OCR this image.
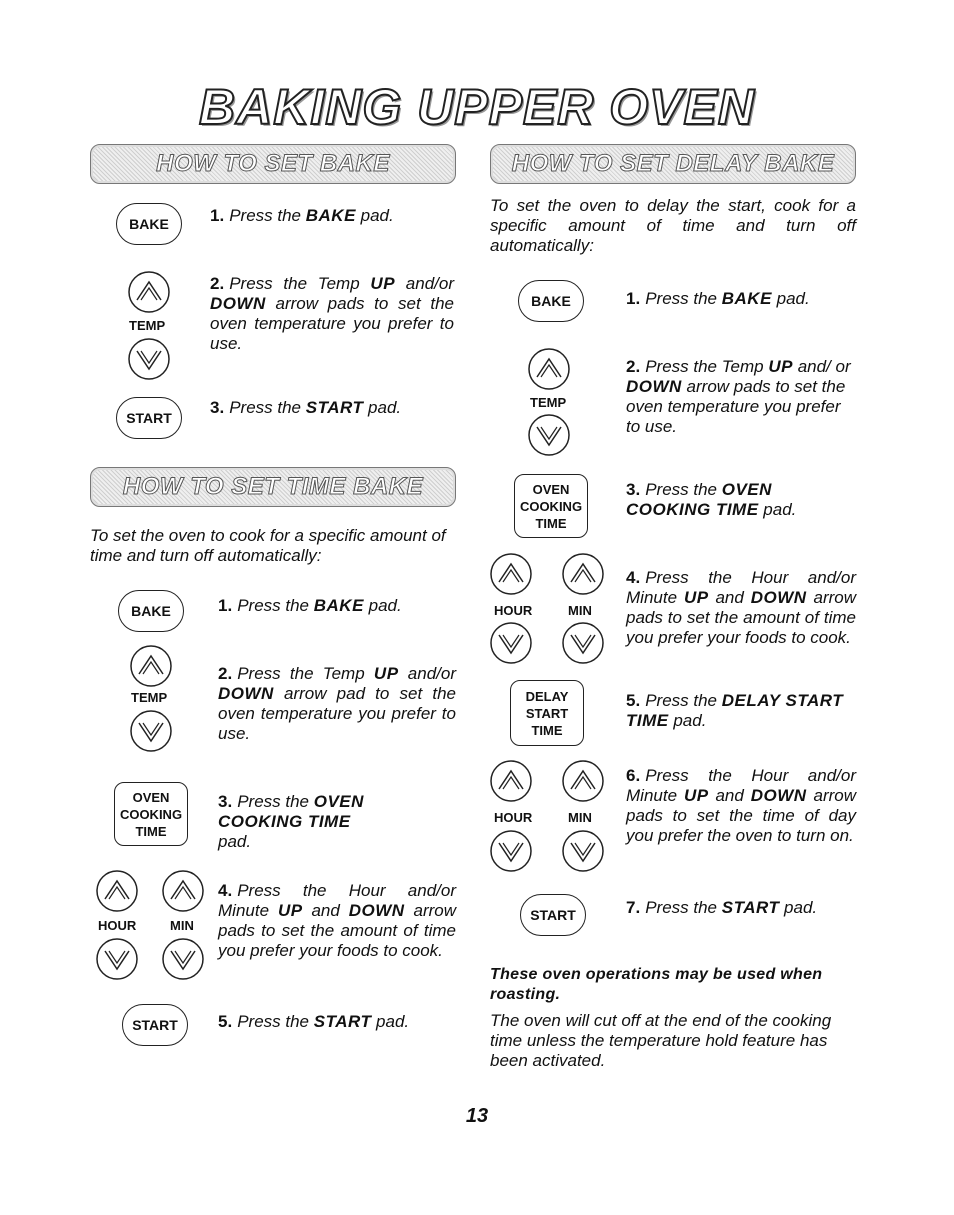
BAKING UPPER OVEN
HOW TO SET BAKE
BAKE 1. Press the BAKE pad.
TEMP
2. Press the Temp UP and/or DOWN arrow pads to set the oven temperature you prefer to use.
START
3. Press the START pad.
HOW TO SET TIME BAKE
To set the oven to cook for a specific amount of time and turn off automatically:
BAKE	1. Press the BAKE pad.
TEMP
2. Press the Temp UP and/or DOWN arrow pad to set the oven temperature you prefer to use.
OVEN
COOKING
TIME
3. Press the OVEN COOKING TIME pad.
HOUR	MIN
4. Press the Hour and/or Minute UP and DOWN arrow pads to set the amount of time you prefer your foods to cook.
START 5. Press the START pad.
HOW TO SET DELAY BAKE
To set the oven to delay the start, cook for a specific amount of time and turn off automatically:
BAKE	1. Press the BAKE pad.
TEMP
2. Press the Temp UP and/ or DOWN arrow pads to set the oven temperature you prefer to use.
OVEN
COOKING
TIME
3. Press the OVEN COOKING TIME pad.
HOUR	MIN
4. Press the Hour and/or Minute UP and DOWN arrow pads to set the amount of time you prefer your foods to cook.
DELAY
START
TIME
5. Press the DELAY START TIME pad.
HOUR	MIN
6. Press the Hour and/or Minute UP and DOWN arrow pads to set the time of day you prefer the oven to turn on.
START	7. Press the START pad.
These oven operations may be used when roasting.
The oven will cut off at the end of the cooking time unless the temperature hold feature has been activated.
13
